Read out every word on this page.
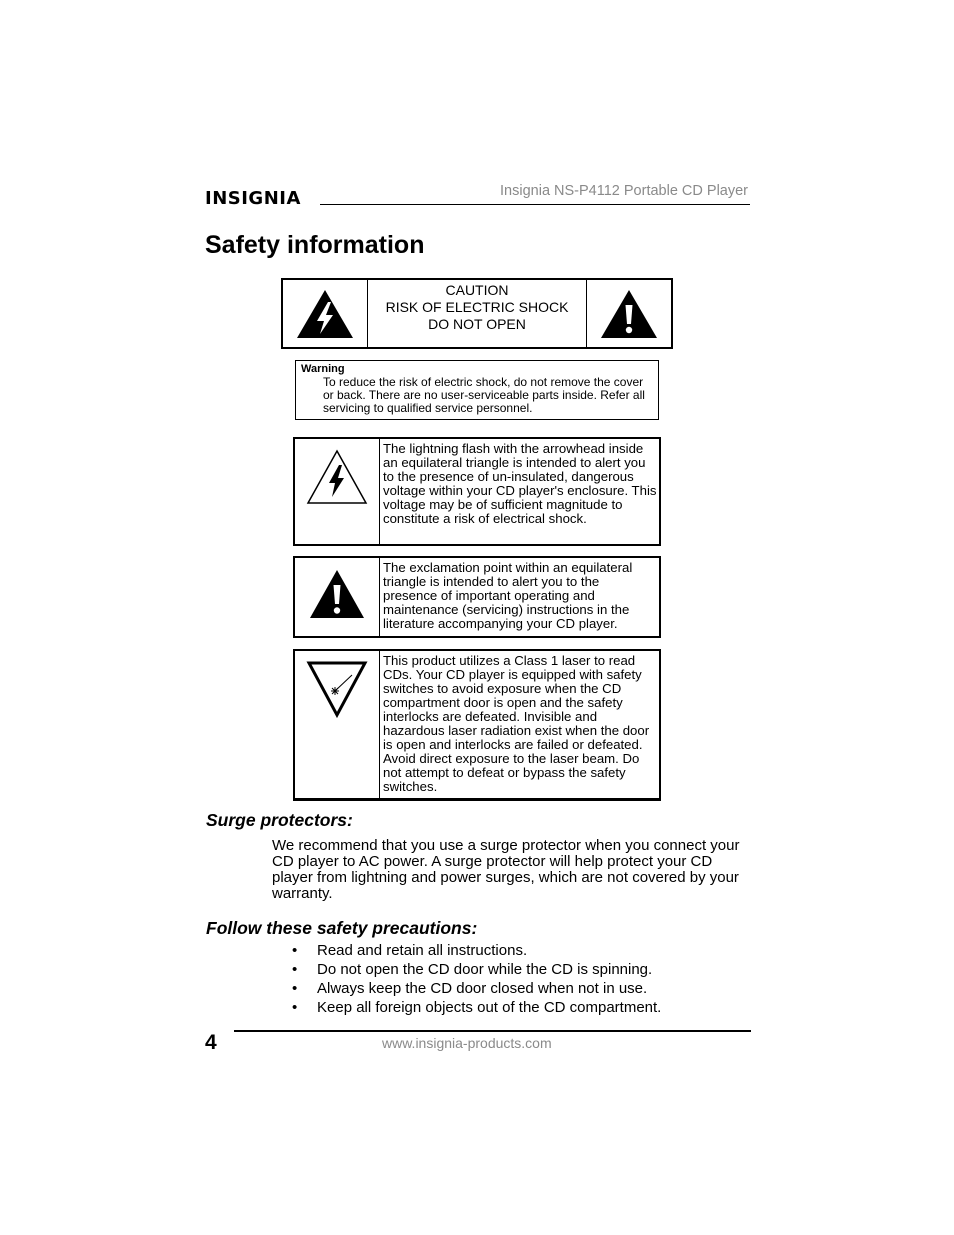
INSIGNIA	Insignia NS-P4112 Portable CD Player
Safety information
CAUTION
RISK OF ELECTRIC SHOCK
DO NOT OPEN
Warning
To reduce the risk of electric shock, do not remove the cover or back. There are no user-serviceable parts inside. Refer all servicing to qualified service personnel.
The lightning flash with the arrowhead inside an equilateral triangle is intended to alert you to the presence of un-insulated, dangerous voltage within your CD player's enclosure. This voltage may be of sufficient magnitude to constitute a risk of electrical shock.
The exclamation point within an equilateral triangle is intended to alert you to the presence of important operating and maintenance (servicing) instructions in the literature accompanying your CD player.
This product utilizes a Class 1 laser to read CDs. Your CD player is equipped with safety switches to avoid exposure when the CD compartment door is open and the safety interlocks are defeated. Invisible and hazardous laser radiation exist when the door is open and interlocks are failed or defeated. Avoid direct exposure to the laser beam. Do not attempt to defeat or bypass the safety switches.
Surge protectors:
We recommend that you use a surge protector when you connect your CD player to AC power. A surge protector will help protect your CD player from lightning and power surges, which are not covered by your warranty.
Follow these safety precautions:
• Read and retain all instructions.
• Do not open the CD door while the CD is spinning.
• Always keep the CD door closed when not in use.
• Keep all foreign objects out of the CD compartment.
4	www.insignia-products.com
